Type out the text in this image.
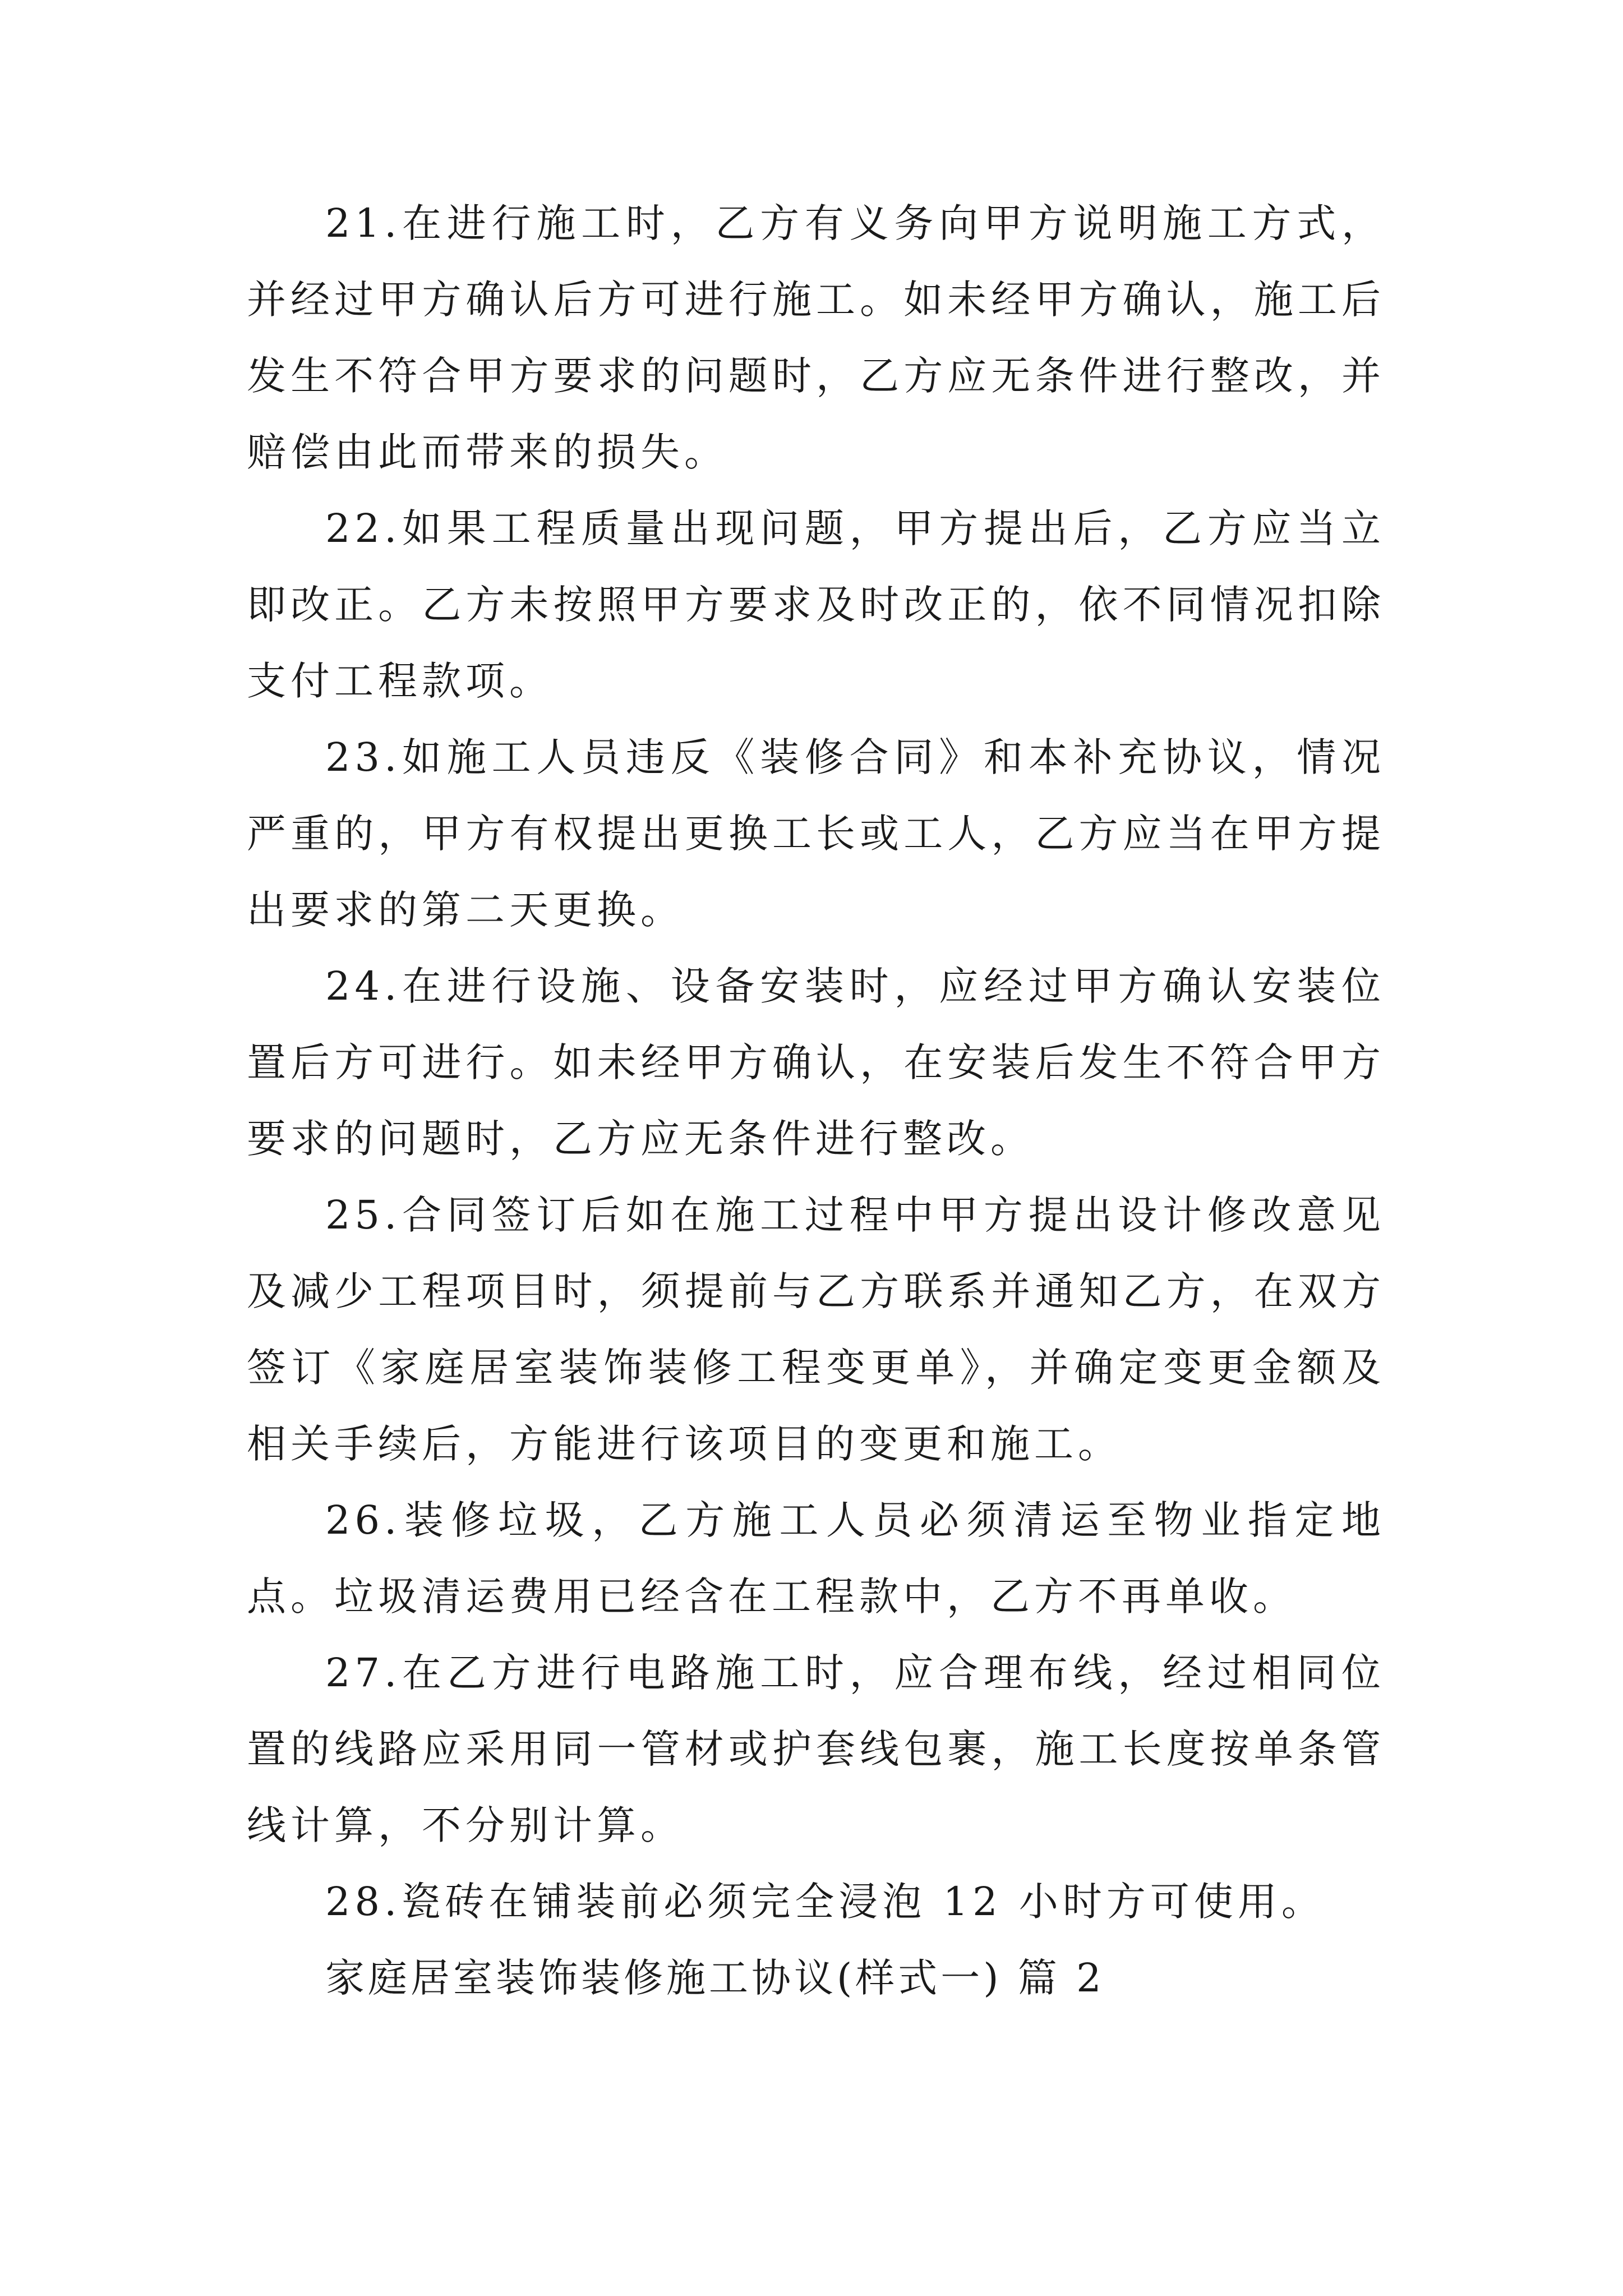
21.在进行施工时，乙方有义务向甲方说明施工方式，并经过甲方确认后方可进行施工。如未经甲方确认，施工后发生不符合甲方要求的问题时，乙方应无条件进行整改，并赔偿由此而带来的损失。

22.如果工程质量出现问题，甲方提出后，乙方应当立即改正。乙方未按照甲方要求及时改正的，依不同情况扣除支付工程款项。

23.如施工人员违反《装修合同》和本补充协议，情况严重的，甲方有权提出更换工长或工人，乙方应当在甲方提出要求的第二天更换。

24.在进行设施、设备安装时，应经过甲方确认安装位置后方可进行。如未经甲方确认，在安装后发生不符合甲方要求的问题时，乙方应无条件进行整改。

25.合同签订后如在施工过程中甲方提出设计修改意见及减少工程项目时，须提前与乙方联系并通知乙方，在双方签订《家庭居室装饰装修工程变更单》，并确定变更金额及相关手续后，方能进行该项目的变更和施工。

26.装修垃圾，乙方施工人员必须清运至物业指定地点。垃圾清运费用已经含在工程款中，乙方不再单收。

27.在乙方进行电路施工时，应合理布线，经过相同位置的线路应采用同一管材或护套线包裹，施工长度按单条管线计算，不分别计算。

28.瓷砖在铺装前必须完全浸泡 12 小时方可使用。

家庭居室装饰装修施工协议(样式一) 篇 2
